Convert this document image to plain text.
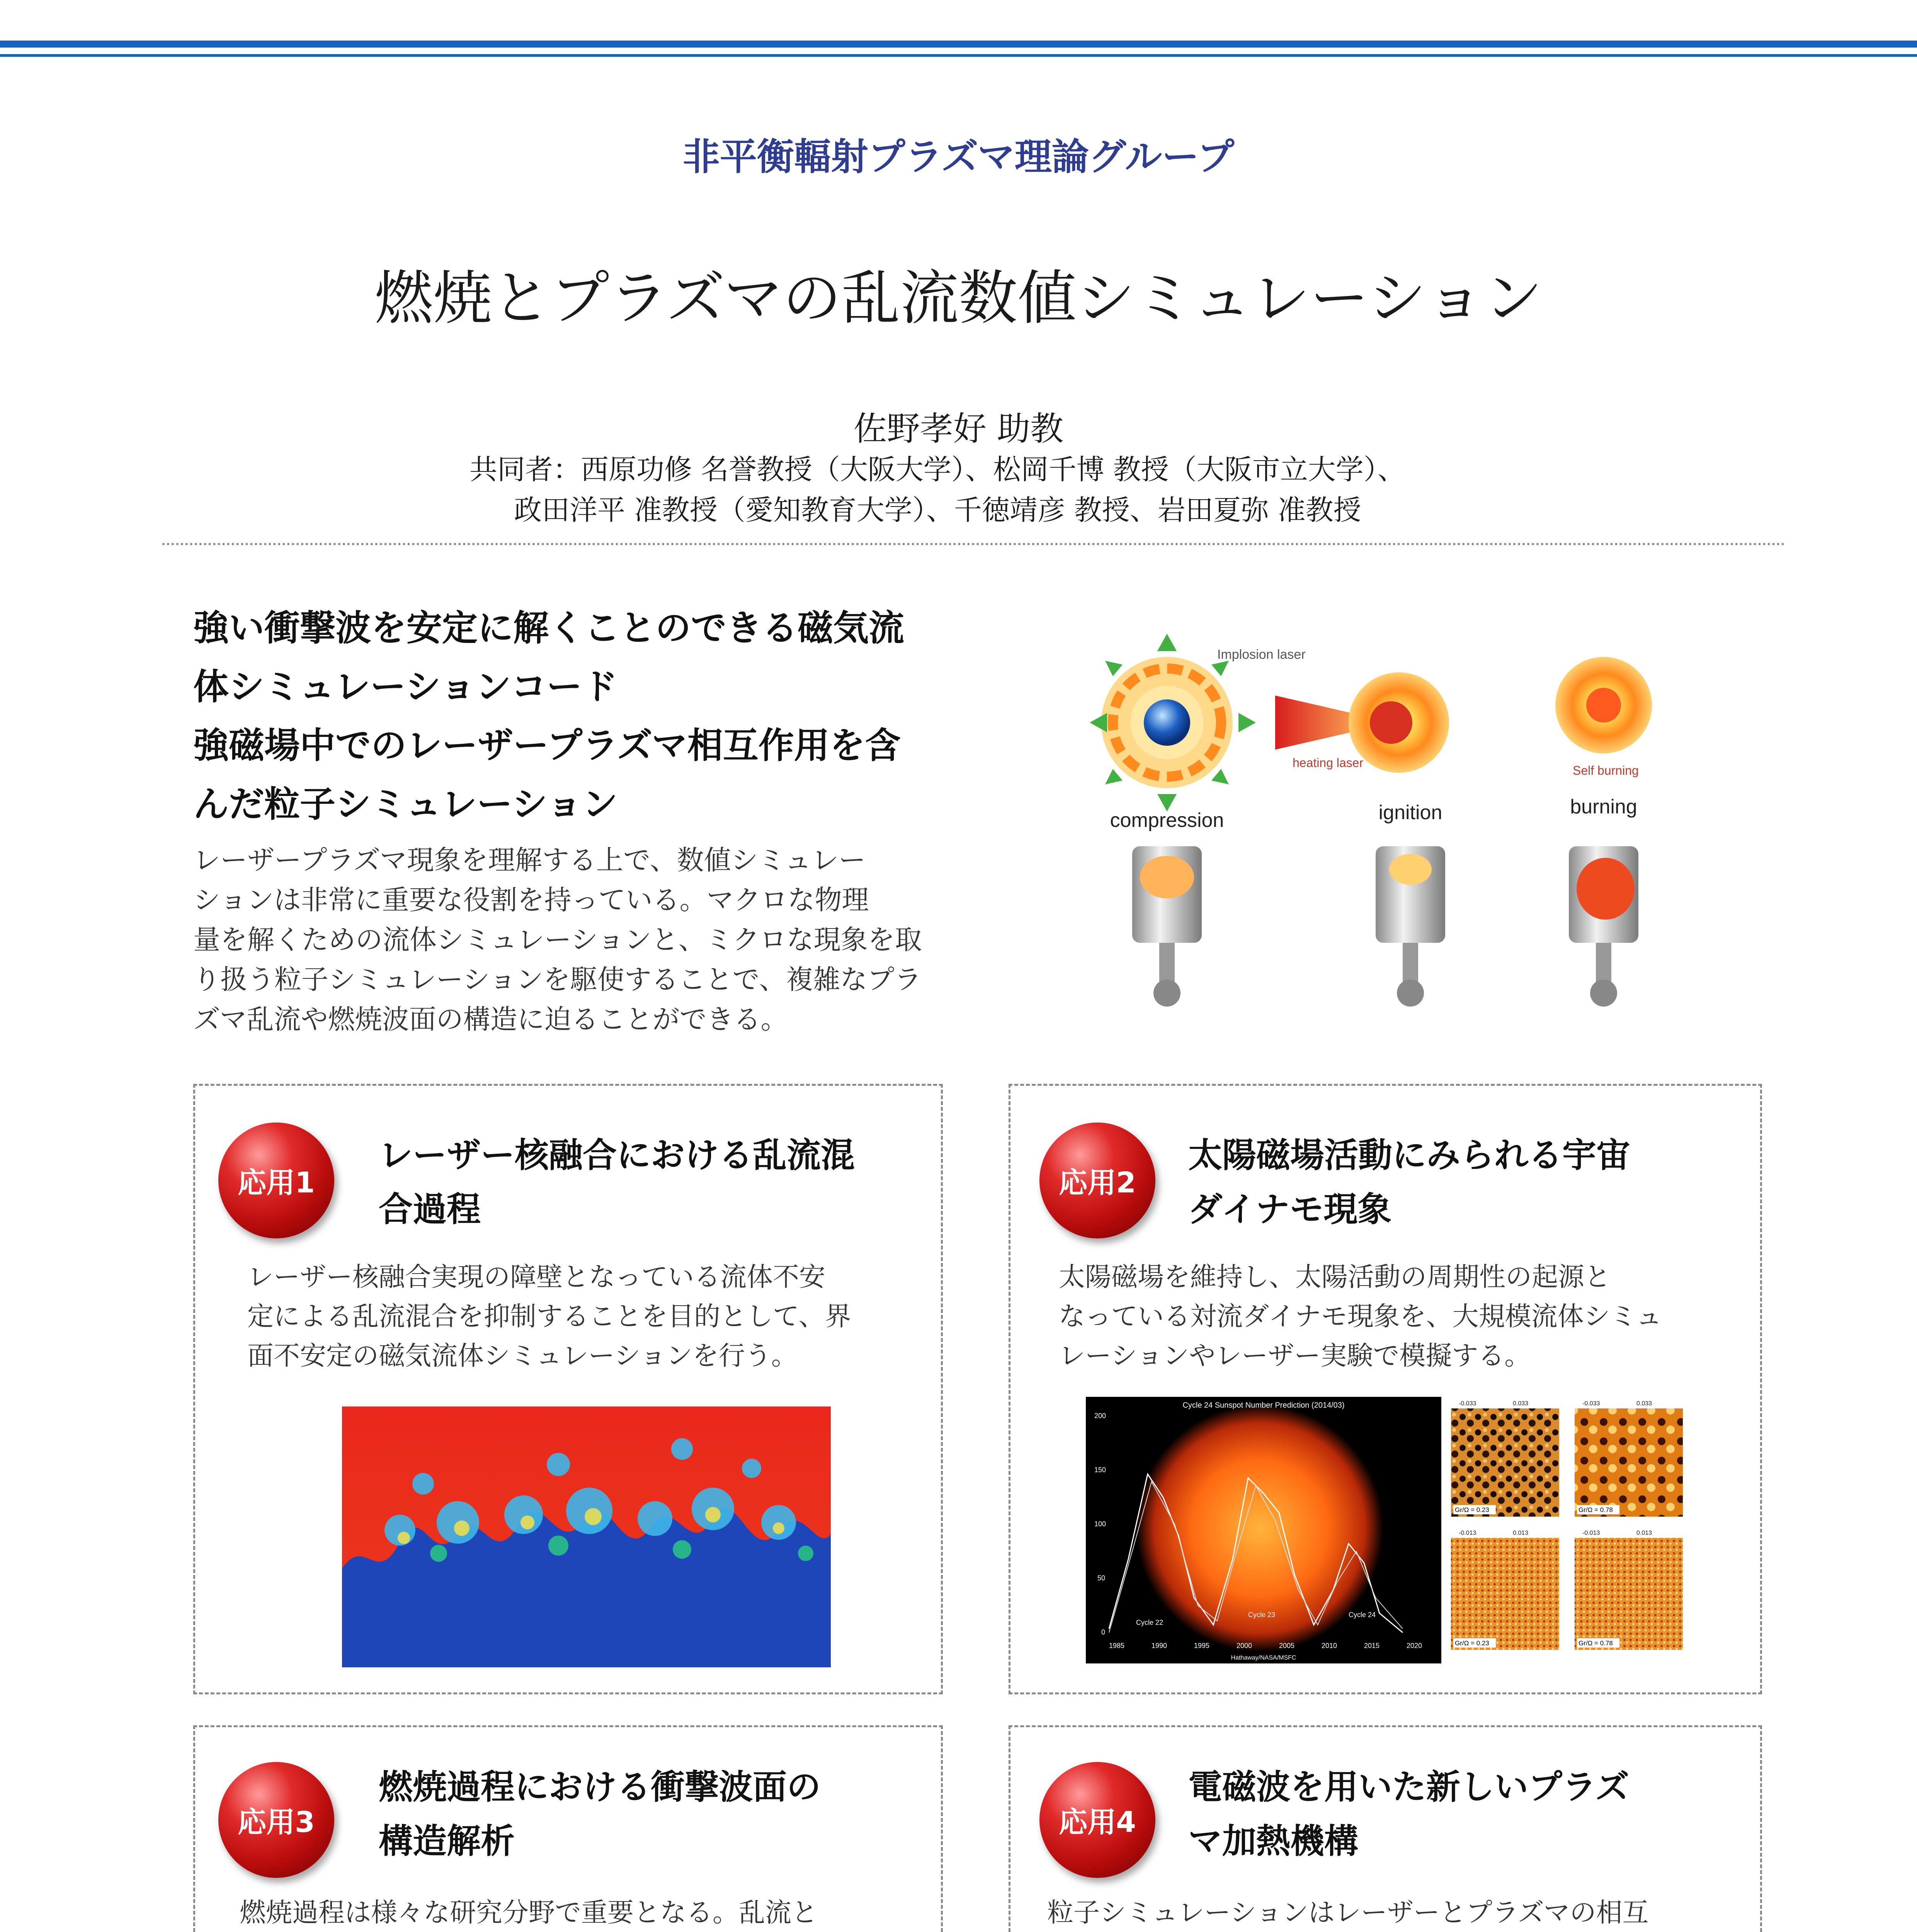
非平衡輻射プラズマ理論グループ
燃焼とプラズマの乱流数値シミュレーション
佐野孝好 助教
共同者：西原功修 名誉教授（大阪大学）、松岡千博 教授（大阪市立大学）、
政田洋平 准教授（愛知教育大学）、千徳靖彦 教授、岩田夏弥 准教授
強い衝撃波を安定に解くことのできる磁気流
体シミュレーションコード
強磁場中でのレーザープラズマ相互作用を含
んだ粒子シミュレーション
レーザープラズマ現象を理解する上で、数値シミュレー
ションは非常に重要な役割を持っている。マクロな物理
量を解くための流体シミュレーションと、ミクロな現象を取
り扱う粒子シミュレーションを駆使することで、複雑なプラ
ズマ乱流や燃焼波面の構造に迫ることができる。
Implosion laser
heating laser
Self burning
compression	ignition	burning
応用1
レーザー核融合における乱流混
合過程
レーザー核融合実現の障壁となっている流体不安
定による乱流混合を抑制することを目的として、界
面不安定の磁気流体シミュレーションを行う。
応用2
太陽磁場活動にみられる宇宙
ダイナモ現象
太陽磁場を維持し、太陽活動の周期性の起源と
なっている対流ダイナモ現象を、大規模流体シミュ
レーションやレーザー実験で模擬する。
Cycle 24 Sunspot Number Prediction (2014/03)
200
150
100
50
0
1985	1990	1995	2000	2005	2010	2015	2020
Cycle 22
Cycle 23	Cycle 24
Hathaway/NASA/MSFC
-0.033	0.033	-0.033	0.033
-0.013	0.013	-0.013	0.013
Gr/Ω = 0.23	Gr/Ω = 0.78
Gr/Ω = 0.23	Gr/Ω = 0.78
応用3
燃焼過程における衝撃波面の
構造解析
燃焼過程は様々な研究分野で重要となる。乱流と
応用4
電磁波を用いた新しいプラズ
マ加熱機構
粒子シミュレーションはレーザーとプラズマの相互
